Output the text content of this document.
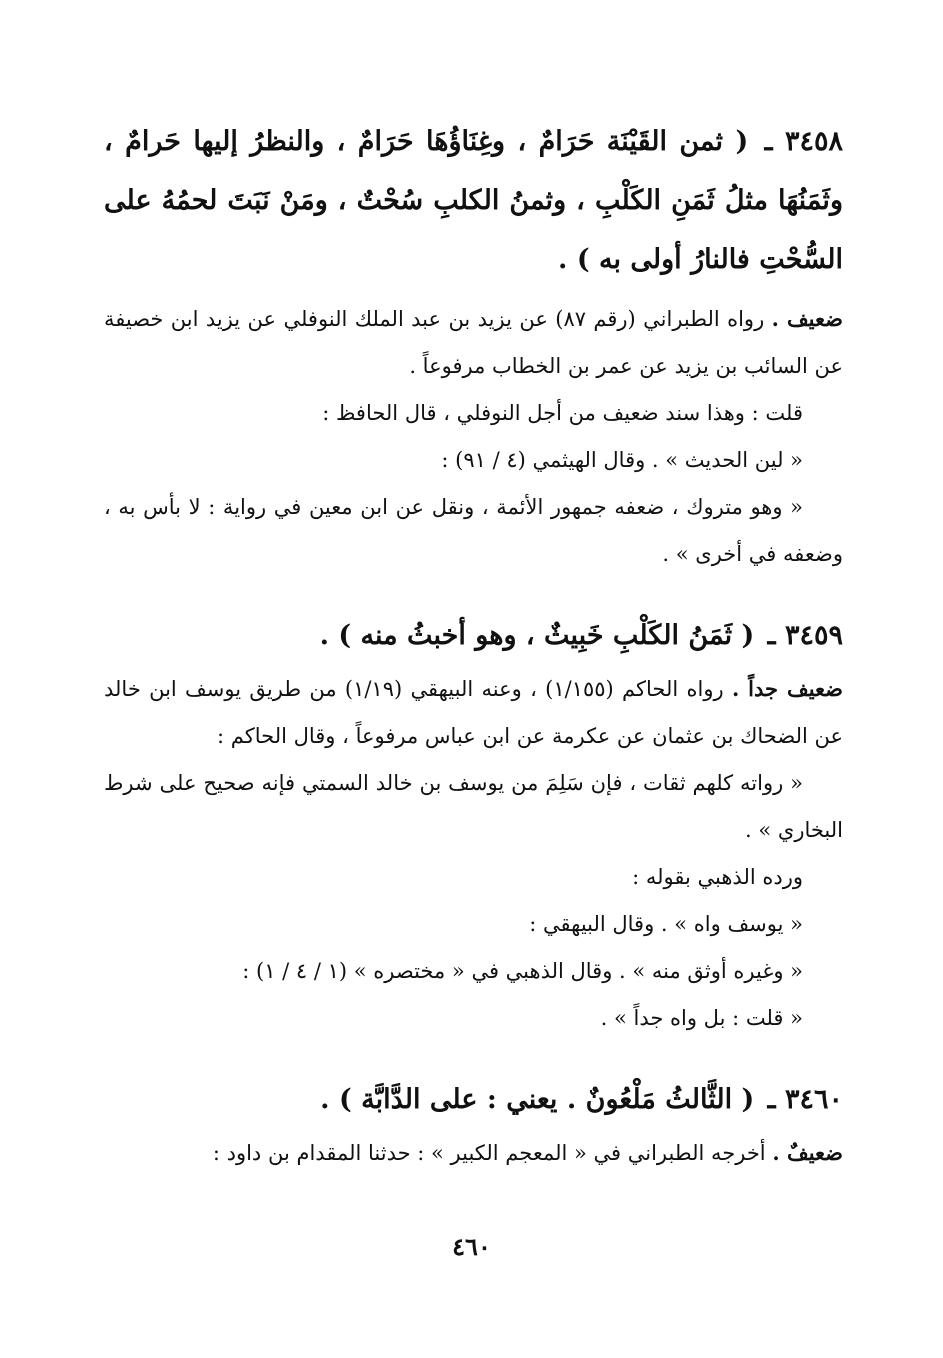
٣٤٥٨ ـ ( ثمن القَيْنَة حَرَامٌ ، وغِنَاؤُهَا حَرَامٌ ، والنظرُ إليها حَرامٌ ، وثَمَنُهَا مثلُ ثَمَنِ الكَلْبِ ، وثمنُ الكلبِ سُحْتٌ ، ومَنْ نَبَتَ لحمُهُ على السُّحْتِ فالنارُ أولى به ) .

ضعيف . رواه الطبراني (رقم ٨٧) عن يزيد بن عبد الملك النوفلي عن يزيد ابن خصيفة عن السائب بن يزيد عن عمر بن الخطاب مرفوعاً .

قلت : وهذا سند ضعيف من أجل النوفلي ، قال الحافظ :

« لين الحديث » . وقال الهيثمي (٤ / ٩١) :

« وهو متروك ، ضعفه جمهور الأئمة ، ونقل عن ابن معين في رواية : لا بأس به ، وضعفه في أخرى » .

٣٤٥٩ ـ ( ثَمَنُ الكَلْبِ خَبِيثٌ ، وهو أخبثُ منه ) .

ضعيف جداً . رواه الحاكم (١/١٥٥) ، وعنه البيهقي (١/١٩) من طريق يوسف ابن خالد عن الضحاك بن عثمان عن عكرمة عن ابن عباس مرفوعاً ، وقال الحاكم :

« رواته كلهم ثقات ، فإن سَلِمَ من يوسف بن خالد السمتي فإنه صحيح على شرط البخاري » .

ورده الذهبي بقوله :

« يوسف واه » . وقال البيهقي :

« وغيره أوثق منه » . وقال الذهبي في « مختصره » (١ / ٤ / ١) :

« قلت : بل واه جداً » .

٣٤٦٠ ـ ( الثَّالثُ مَلْعُونٌ . يعني : على الدَّابَّة ) .

ضعيفٌ . أخرجه الطبراني في « المعجم الكبير » : حدثنا المقدام بن داود :

٤٦٠
